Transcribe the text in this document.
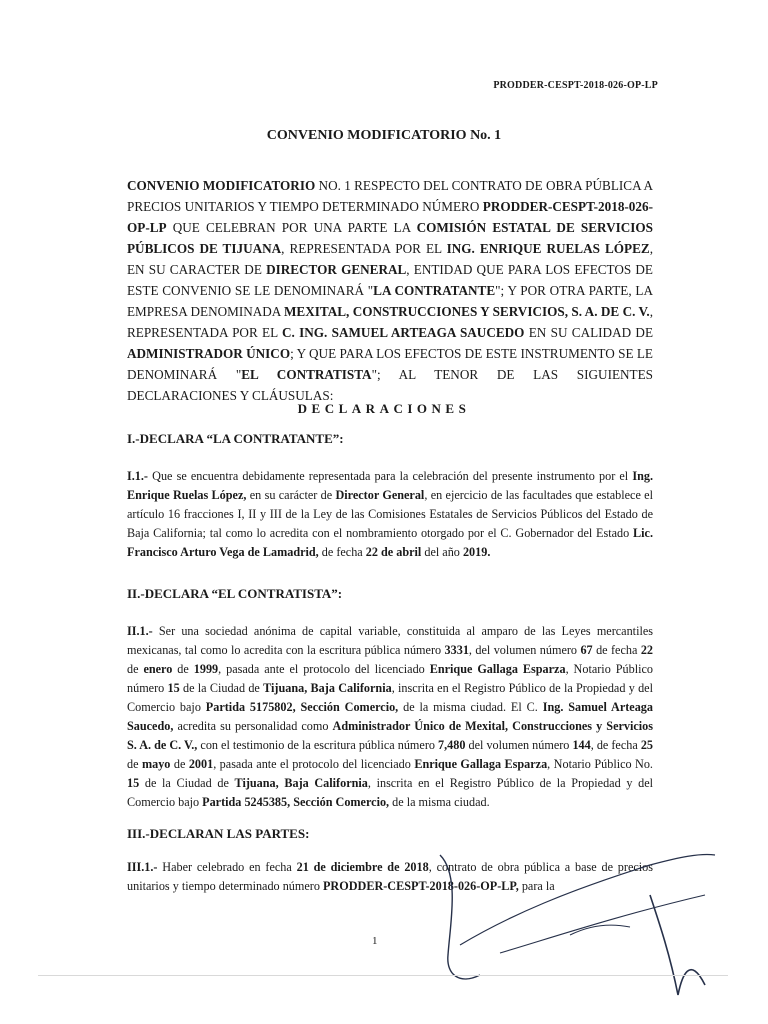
PRODDER-CESPT-2018-026-OP-LP
CONVENIO MODIFICATORIO No. 1

CONVENIO MODIFICATORIO NO. 1 RESPECTO DEL CONTRATO DE OBRA PÚBLICA A PRECIOS UNITARIOS Y TIEMPO DETERMINADO NÚMERO PRODDER-CESPT-2018-026-OP-LP QUE CELEBRAN POR UNA PARTE LA COMISIÓN ESTATAL DE SERVICIOS PÚBLICOS DE TIJUANA, REPRESENTADA POR EL ING. ENRIQUE RUELAS LÓPEZ, EN SU CARACTER DE DIRECTOR GENERAL, ENTIDAD QUE PARA LOS EFECTOS DE ESTE CONVENIO SE LE DENOMINARÁ "LA CONTRATANTE"; Y POR OTRA PARTE, LA EMPRESA DENOMINADA MEXITAL, CONSTRUCCIONES Y SERVICIOS, S. A. DE C. V., REPRESENTADA POR EL C. ING. SAMUEL ARTEAGA SAUCEDO EN SU CALIDAD DE ADMINISTRADOR ÚNICO; Y QUE PARA LOS EFECTOS DE ESTE INSTRUMENTO SE LE DENOMINARÁ "EL CONTRATISTA"; AL TENOR DE LAS SIGUIENTES DECLARACIONES Y CLÁUSULAS:

DECLARACIONES
I.-DECLARA “LA CONTRATANTE”:

I.1.- Que se encuentra debidamente representada para la celebración del presente instrumento por el Ing. Enrique Ruelas López, en su carácter de Director General, en ejercicio de las facultades que establece el artículo 16 fracciones I, II y III de la Ley de las Comisiones Estatales de Servicios Públicos del Estado de Baja California; tal como lo acredita con el nombramiento otorgado por el C. Gobernador del Estado Lic. Francisco Arturo Vega de Lamadrid, de fecha 22 de abril del año 2019.

II.-DECLARA “EL CONTRATISTA”:

II.1.- Ser una sociedad anónima de capital variable, constituida al amparo de las Leyes mercantiles mexicanas, tal como lo acredita con la escritura pública número 3331, del volumen número 67 de fecha 22 de enero de 1999, pasada ante el protocolo del licenciado Enrique Gallaga Esparza, Notario Público número 15 de la Ciudad de Tijuana, Baja California, inscrita en el Registro Público de la Propiedad y del Comercio bajo Partida 5175802, Sección Comercio, de la misma ciudad. El C. Ing. Samuel Arteaga Saucedo, acredita su personalidad como Administrador Único de Mexital, Construcciones y Servicios S. A. de C. V., con el testimonio de la escritura pública número 7,480 del volumen número 144, de fecha 25 de mayo de 2001, pasada ante el protocolo del licenciado Enrique Gallaga Esparza, Notario Público No. 15 de la Ciudad de Tijuana, Baja California, inscrita en el Registro Público de la Propiedad y del Comercio bajo Partida 5245385, Sección Comercio, de la misma ciudad.

III.-DECLARAN LAS PARTES:

III.1.- Haber celebrado en fecha 21 de diciembre de 2018, contrato de obra pública a base de precios unitarios y tiempo determinado número PRODDER-CESPT-2018-026-OP-LP, para la

1
